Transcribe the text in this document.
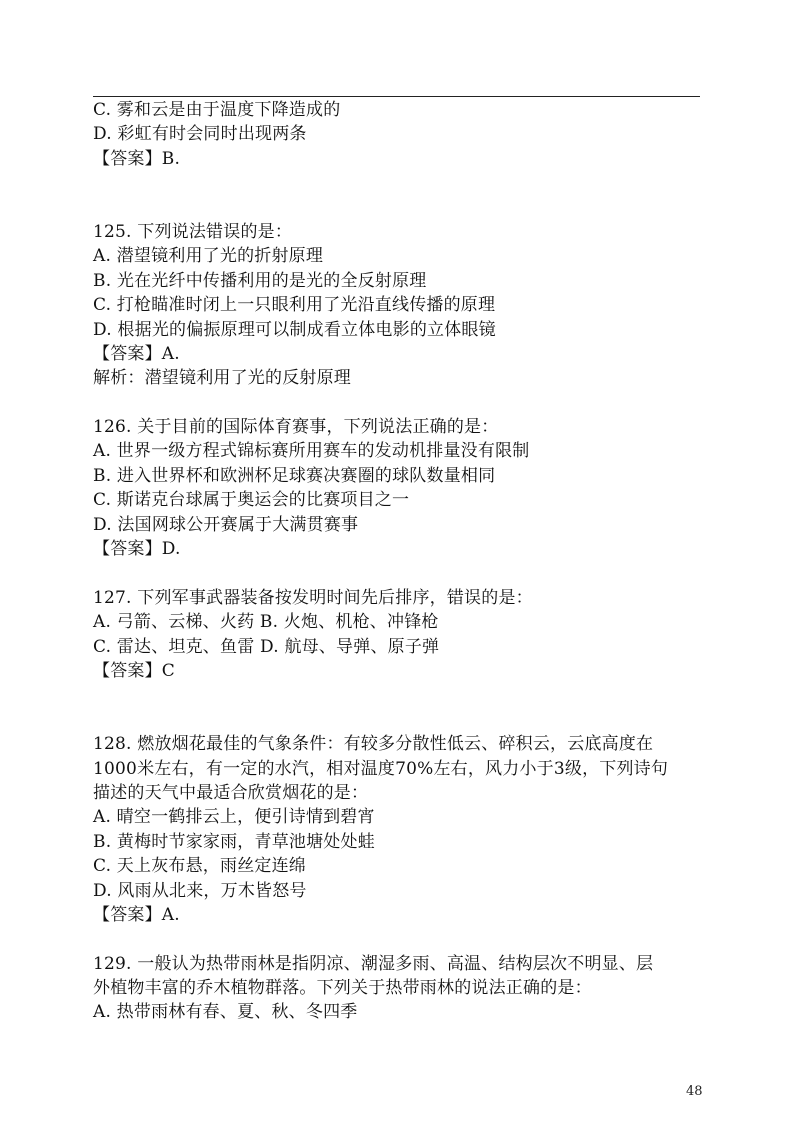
C. 雾和云是由于温度下降造成的
D. 彩虹有时会同时出现两条
【答案】B.
125. 下列说法错误的是：
A. 潜望镜利用了光的折射原理
B. 光在光纤中传播利用的是光的全反射原理
C. 打枪瞄准时闭上一只眼利用了光沿直线传播的原理
D. 根据光的偏振原理可以制成看立体电影的立体眼镜
【答案】A.
解析：潜望镜利用了光的反射原理
126. 关于目前的国际体育赛事，下列说法正确的是：
A. 世界一级方程式锦标赛所用赛车的发动机排量没有限制
B. 进入世界杯和欧洲杯足球赛决赛圈的球队数量相同
C. 斯诺克台球属于奥运会的比赛项目之一
D. 法国网球公开赛属于大满贯赛事
【答案】D.
127. 下列军事武器装备按发明时间先后排序，错误的是：
A. 弓箭、云梯、火药 B. 火炮、机枪、冲锋枪
C. 雷达、坦克、鱼雷 D. 航母、导弹、原子弹
【答案】C
128. 燃放烟花最佳的气象条件：有较多分散性低云、碎积云，云底高度在
1000米左右，有一定的水汽，相对温度70%左右，风力小于3级，下列诗句
描述的天气中最适合欣赏烟花的是：
A. 晴空一鹤排云上，便引诗情到碧宵
B. 黄梅时节家家雨，青草池塘处处蛙
C. 天上灰布悬，雨丝定连绵
D. 风雨从北来，万木皆怒号
【答案】A.
129. 一般认为热带雨林是指阴凉、潮湿多雨、高温、结构层次不明显、层
外植物丰富的乔木植物群落。下列关于热带雨林的说法正确的是：
A. 热带雨林有春、夏、秋、冬四季
48
